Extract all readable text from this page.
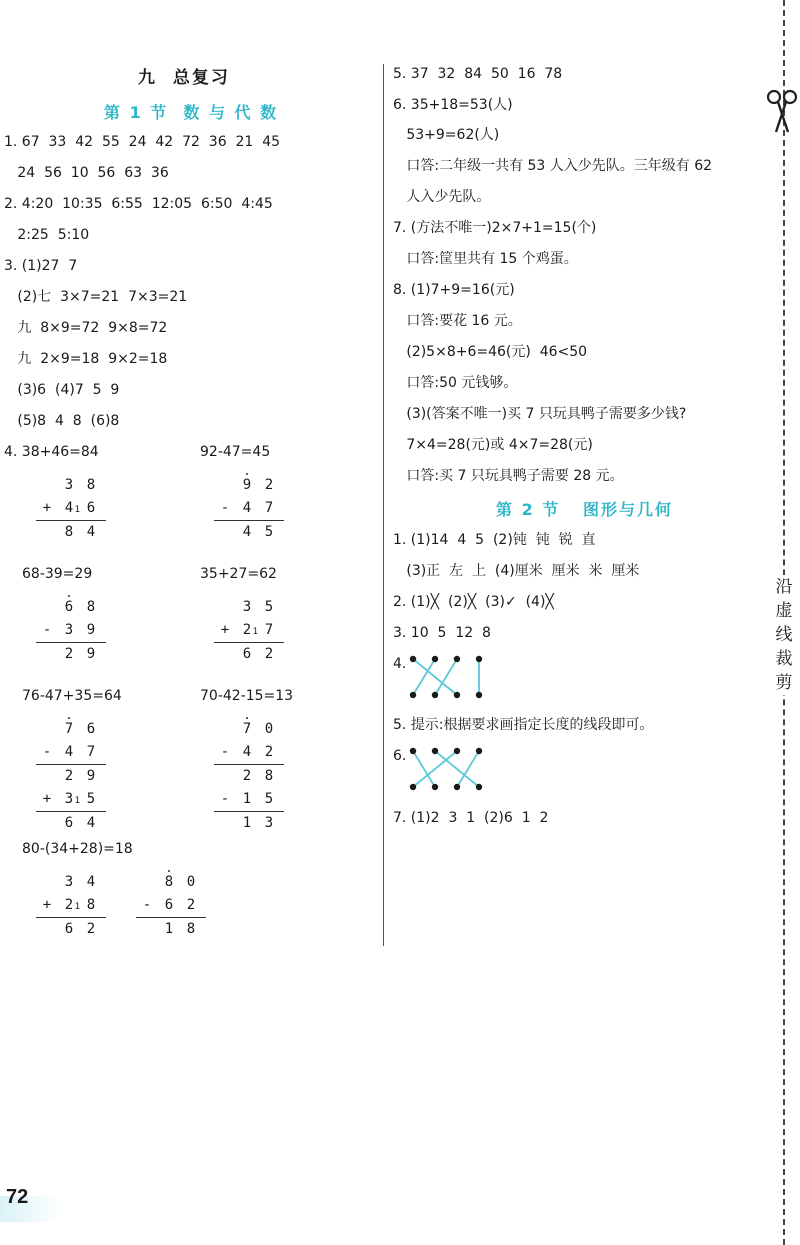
沿
虚
线
裁
剪
九  总复习
第 1 节  数 与 代 数
1. 67  33  42  55  24  42  72  36  21  45
24  56  10  56  63  36
2. 4:20  10:35  6:55  12:05  6:50  4:45
2:25  5:10
3. (1)27  7
(2)七  3×7=21  7×3=21
九  8×9=72  9×8=72
九  2×9=18  9×2=18
(3)6  (4)7  5  9
(5)8  4  8  (6)8
4. 38+46=84	92-47=45
68-39=29	35+27=62
76-47+35=64	70-42-15=13
80-(34+28)=18
3 8
+ 4 1 6
8 4
.
9 2
- 4 7
4 5
.
6 8
- 3 9
2 9
3 5
+ 2 1 7
6 2
.
7 6
- 4 7
2 9
+ 3 1 5
6 4
.
7 0
- 4 2
2 8
- 1 5
1 3
3 4
+ 2 1 8
6 2
.
8 0
- 6 2
1 8
5. 37  32  84  50  16  78
6. 35+18=53(人)
53+9=62(人)
口答:二年级一共有 53 人入少先队。三年级有 62
人入少先队。
7. (方法不唯一)2×7+1=15(个)
口答:筐里共有 15 个鸡蛋。
8. (1)7+9=16(元)
口答:要花 16 元。
(2)5×8+6=46(元)  46<50
口答:50 元钱够。
(3)(答案不唯一)买 7 只玩具鸭子需要多少钱?
7×4=28(元)或 4×7=28(元)
口答:买 7 只玩具鸭子需要 28 元。
第 2 节   图形与几何
1. (1)14  4  5  (2)钝  钝  锐  直
(3)正  左  上  (4)厘米  厘米  米  厘米
2. (1)╳  (2)╳  (3)✓  (4)╳
3. 10  5  12  8
4.
5. 提示:根据要求画指定长度的线段即可。
6.
7. (1)2  3  1  (2)6  1  2
72
